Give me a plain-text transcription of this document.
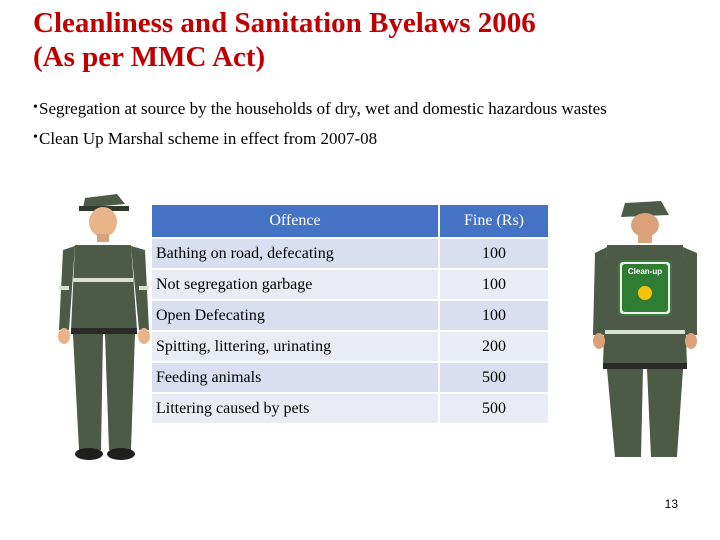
Cleanliness and Sanitation Byelaws 2006
(As per MMC Act)
• Segregation at source by the households of dry, wet and domestic hazardous wastes
• Clean Up Marshal scheme in effect from 2007-08
Clean-up
Offence	Fine (Rs)
Bathing on road, defecating	100
Not segregation garbage	100
Open Defecating	100
Spitting, littering, urinating	200
Feeding animals	500
Littering caused by pets	500
13
